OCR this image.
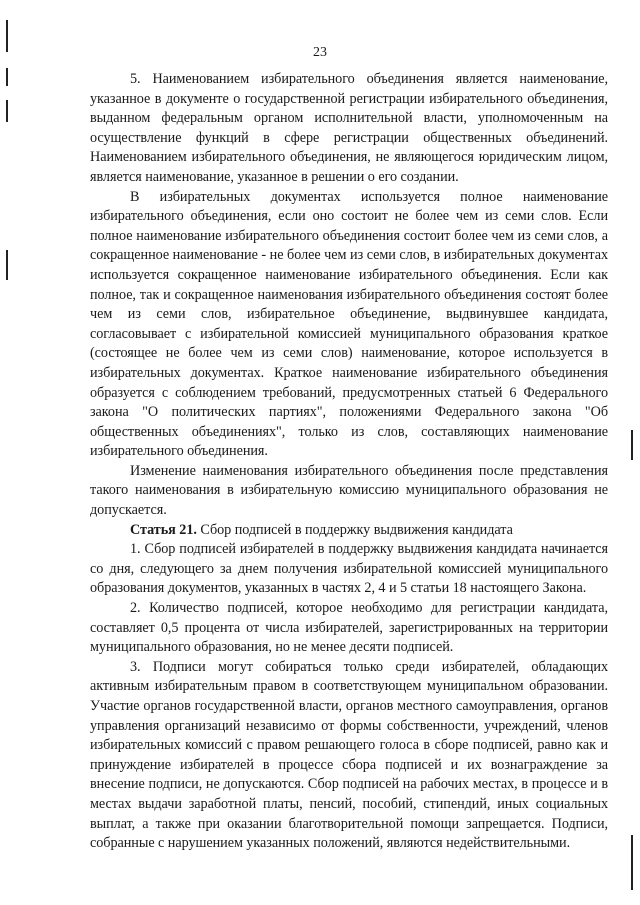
23

5. Наименованием избирательного объединения является наименование, указанное в документе о государственной регистрации избирательного объединения, выданном федеральным органом исполнительной власти, уполномоченным на осуществление функций в сфере регистрации общественных объединений. Наименованием избирательного объединения, не являющегося юридическим лицом, является наименование, указанное в решении о его создании.

В избирательных документах используется полное наименование избирательного объединения, если оно состоит не более чем из семи слов. Если полное наименование избирательного объединения состоит более чем из семи слов, а сокращенное наименование - не более чем из семи слов, в избирательных документах используется сокращенное наименование избирательного объединения. Если как полное, так и сокращенное наименования избирательного объединения состоят более чем из семи слов, избирательное объединение, выдвинувшее кандидата, согласовывает с избирательной комиссией муниципального образования краткое (состоящее не более чем из семи слов) наименование, которое используется в избирательных документах. Краткое наименование избирательного объединения образуется с соблюдением требований, предусмотренных статьей 6 Федерального закона "О политических партиях", положениями Федерального закона "Об общественных объединениях", только из слов, составляющих наименование избирательного объединения.

Изменение наименования избирательного объединения после представления такого наименования в избирательную комиссию муниципального образования не допускается.

Статья 21. Сбор подписей в поддержку выдвижения кандидата

1. Сбор подписей избирателей в поддержку выдвижения кандидата начинается со дня, следующего за днем получения избирательной комиссией муниципального образования документов, указанных в частях 2, 4 и 5 статьи 18 настоящего Закона.

2. Количество подписей, которое необходимо для регистрации кандидата, составляет 0,5 процента от числа избирателей, зарегистрированных на территории муниципального образования, но не менее десяти подписей.

3. Подписи могут собираться только среди избирателей, обладающих активным избирательным правом в соответствующем муниципальном образовании. Участие органов государственной власти, органов местного самоуправления, органов управления организаций независимо от формы собственности, учреждений, членов избирательных комиссий с правом решающего голоса в сборе подписей, равно как и принуждение избирателей в процессе сбора подписей и их вознаграждение за внесение подписи, не допускаются. Сбор подписей на рабочих местах, в процессе и в местах выдачи заработной платы, пенсий, пособий, стипендий, иных социальных выплат, а также при оказании благотворительной помощи запрещается. Подписи, собранные с нарушением указанных положений, являются недействительными.
